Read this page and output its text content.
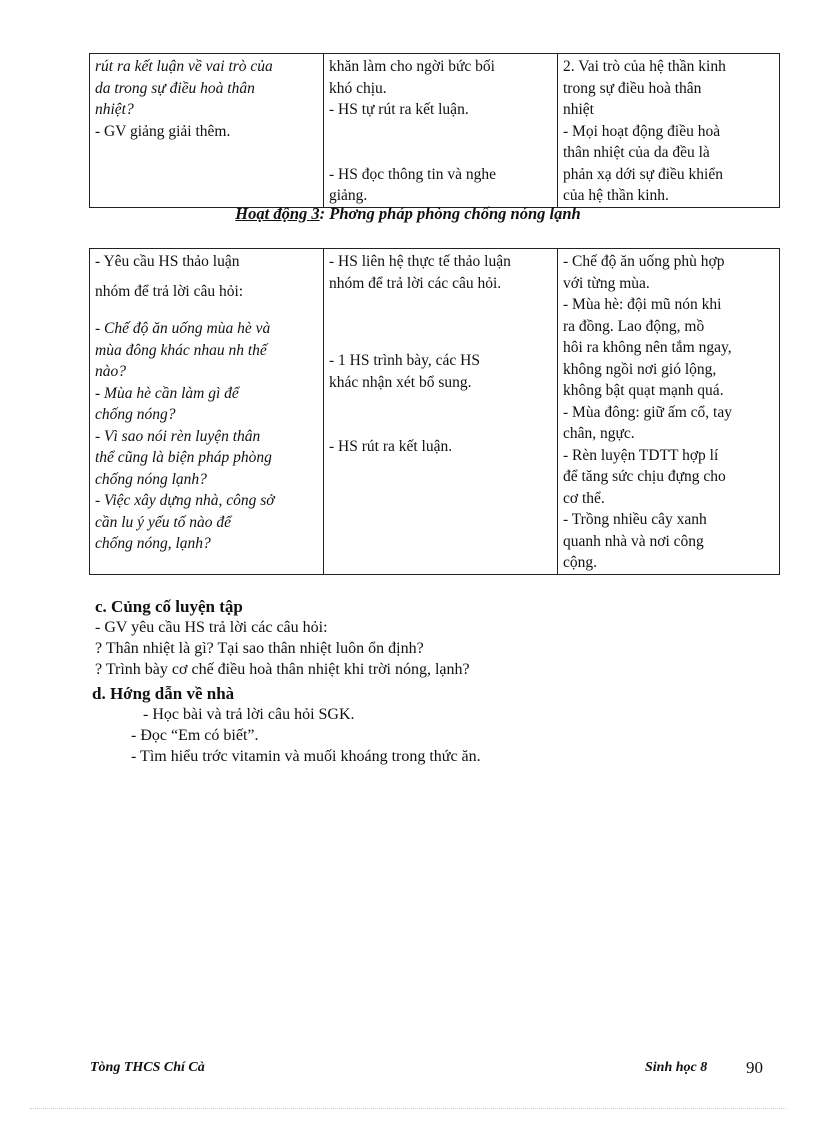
rút ra kết luận về vai trò của
da trong sự điều hoà thân
nhiệt?
- GV giảng giải thêm.

khăn làm cho ngời bức bối
khó chịu.
- HS tự rút ra kết luận.
- HS đọc thông tin và nghe
giảng.

2. Vai trò của hệ thần kinh
trong sự điều hoà thân
nhiệt
- Mọi hoạt động điều hoà
thân nhiệt của da đều là
phản xạ dới sự điều khiển
của hệ thần kinh.
Hoạt động 3: Phơng pháp phòng chống nóng lạnh
- Yêu cầu HS thảo luận
nhóm để trả lời câu hỏi:
- Chế độ ăn uống mùa hè và
mùa đông khác nhau nh thế
nào?
- Mùa hè cần làm gì để
chống nóng?
- Vì sao nói rèn luyện thân
thể cũng là biện pháp phòng
chống nóng lạnh?
- Việc xây dựng nhà, công sở
cần lu ý yếu tố nào để
chống nóng, lạnh?

- HS liên hệ thực tế thảo luận
nhóm để trả lời các câu hỏi.
- 1 HS trình bày, các HS
khác nhận xét bổ sung.
- HS rút ra kết luận.

- Chế độ ăn uống phù hợp
với từng mùa.
- Mùa hè: đội mũ nón khi
ra đồng. Lao động, mồ
hôi ra không nên tắm ngay,
không ngồi nơi gió lộng,
không bật quạt mạnh quá.
- Mùa đông: giữ ấm cổ, tay
chân, ngực.
- Rèn luyện TDTT hợp lí
để tăng sức chịu đựng cho
cơ thể.
- Trồng nhiều cây xanh
quanh nhà và nơi công
cộng.
c. Củng cố luyện tập
- GV yêu cầu HS trả lời các câu hỏi:
? Thân nhiệt là gì? Tại sao thân nhiệt luôn ổn định?
? Trình bày cơ chế điều hoà thân nhiệt khi trời nóng, lạnh?
d. Hớng dẫn về nhà
- Học bài và trả lời câu hỏi SGK.
- Đọc “Em có biết”.
- Tìm hiểu trớc vitamin và muối khoáng trong thức ăn.
Tòng THCS Chí Cà	Sinh học 8 90
